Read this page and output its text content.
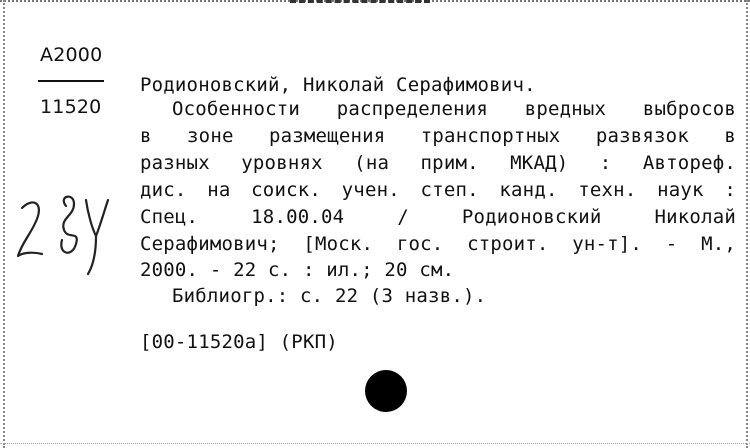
A2000
11520
Родионовский, Николай Серафимович.
Особенности распределения вредных выбросов
в зоне размещения транспортных развязок в
разных уровнях (на прим. МКАД) : Автореф.
дис. на соиск. учен. степ. канд. техн. наук :
Спец. 18.00.04 / Родионовский Николай
Серафимович; [Моск. гос. строит. ун-т]. - М.,
2000. - 22 с. : ил.; 20 см.
Библиогр.: с. 22 (3 назв.).
[00-11520а] (РКП)
